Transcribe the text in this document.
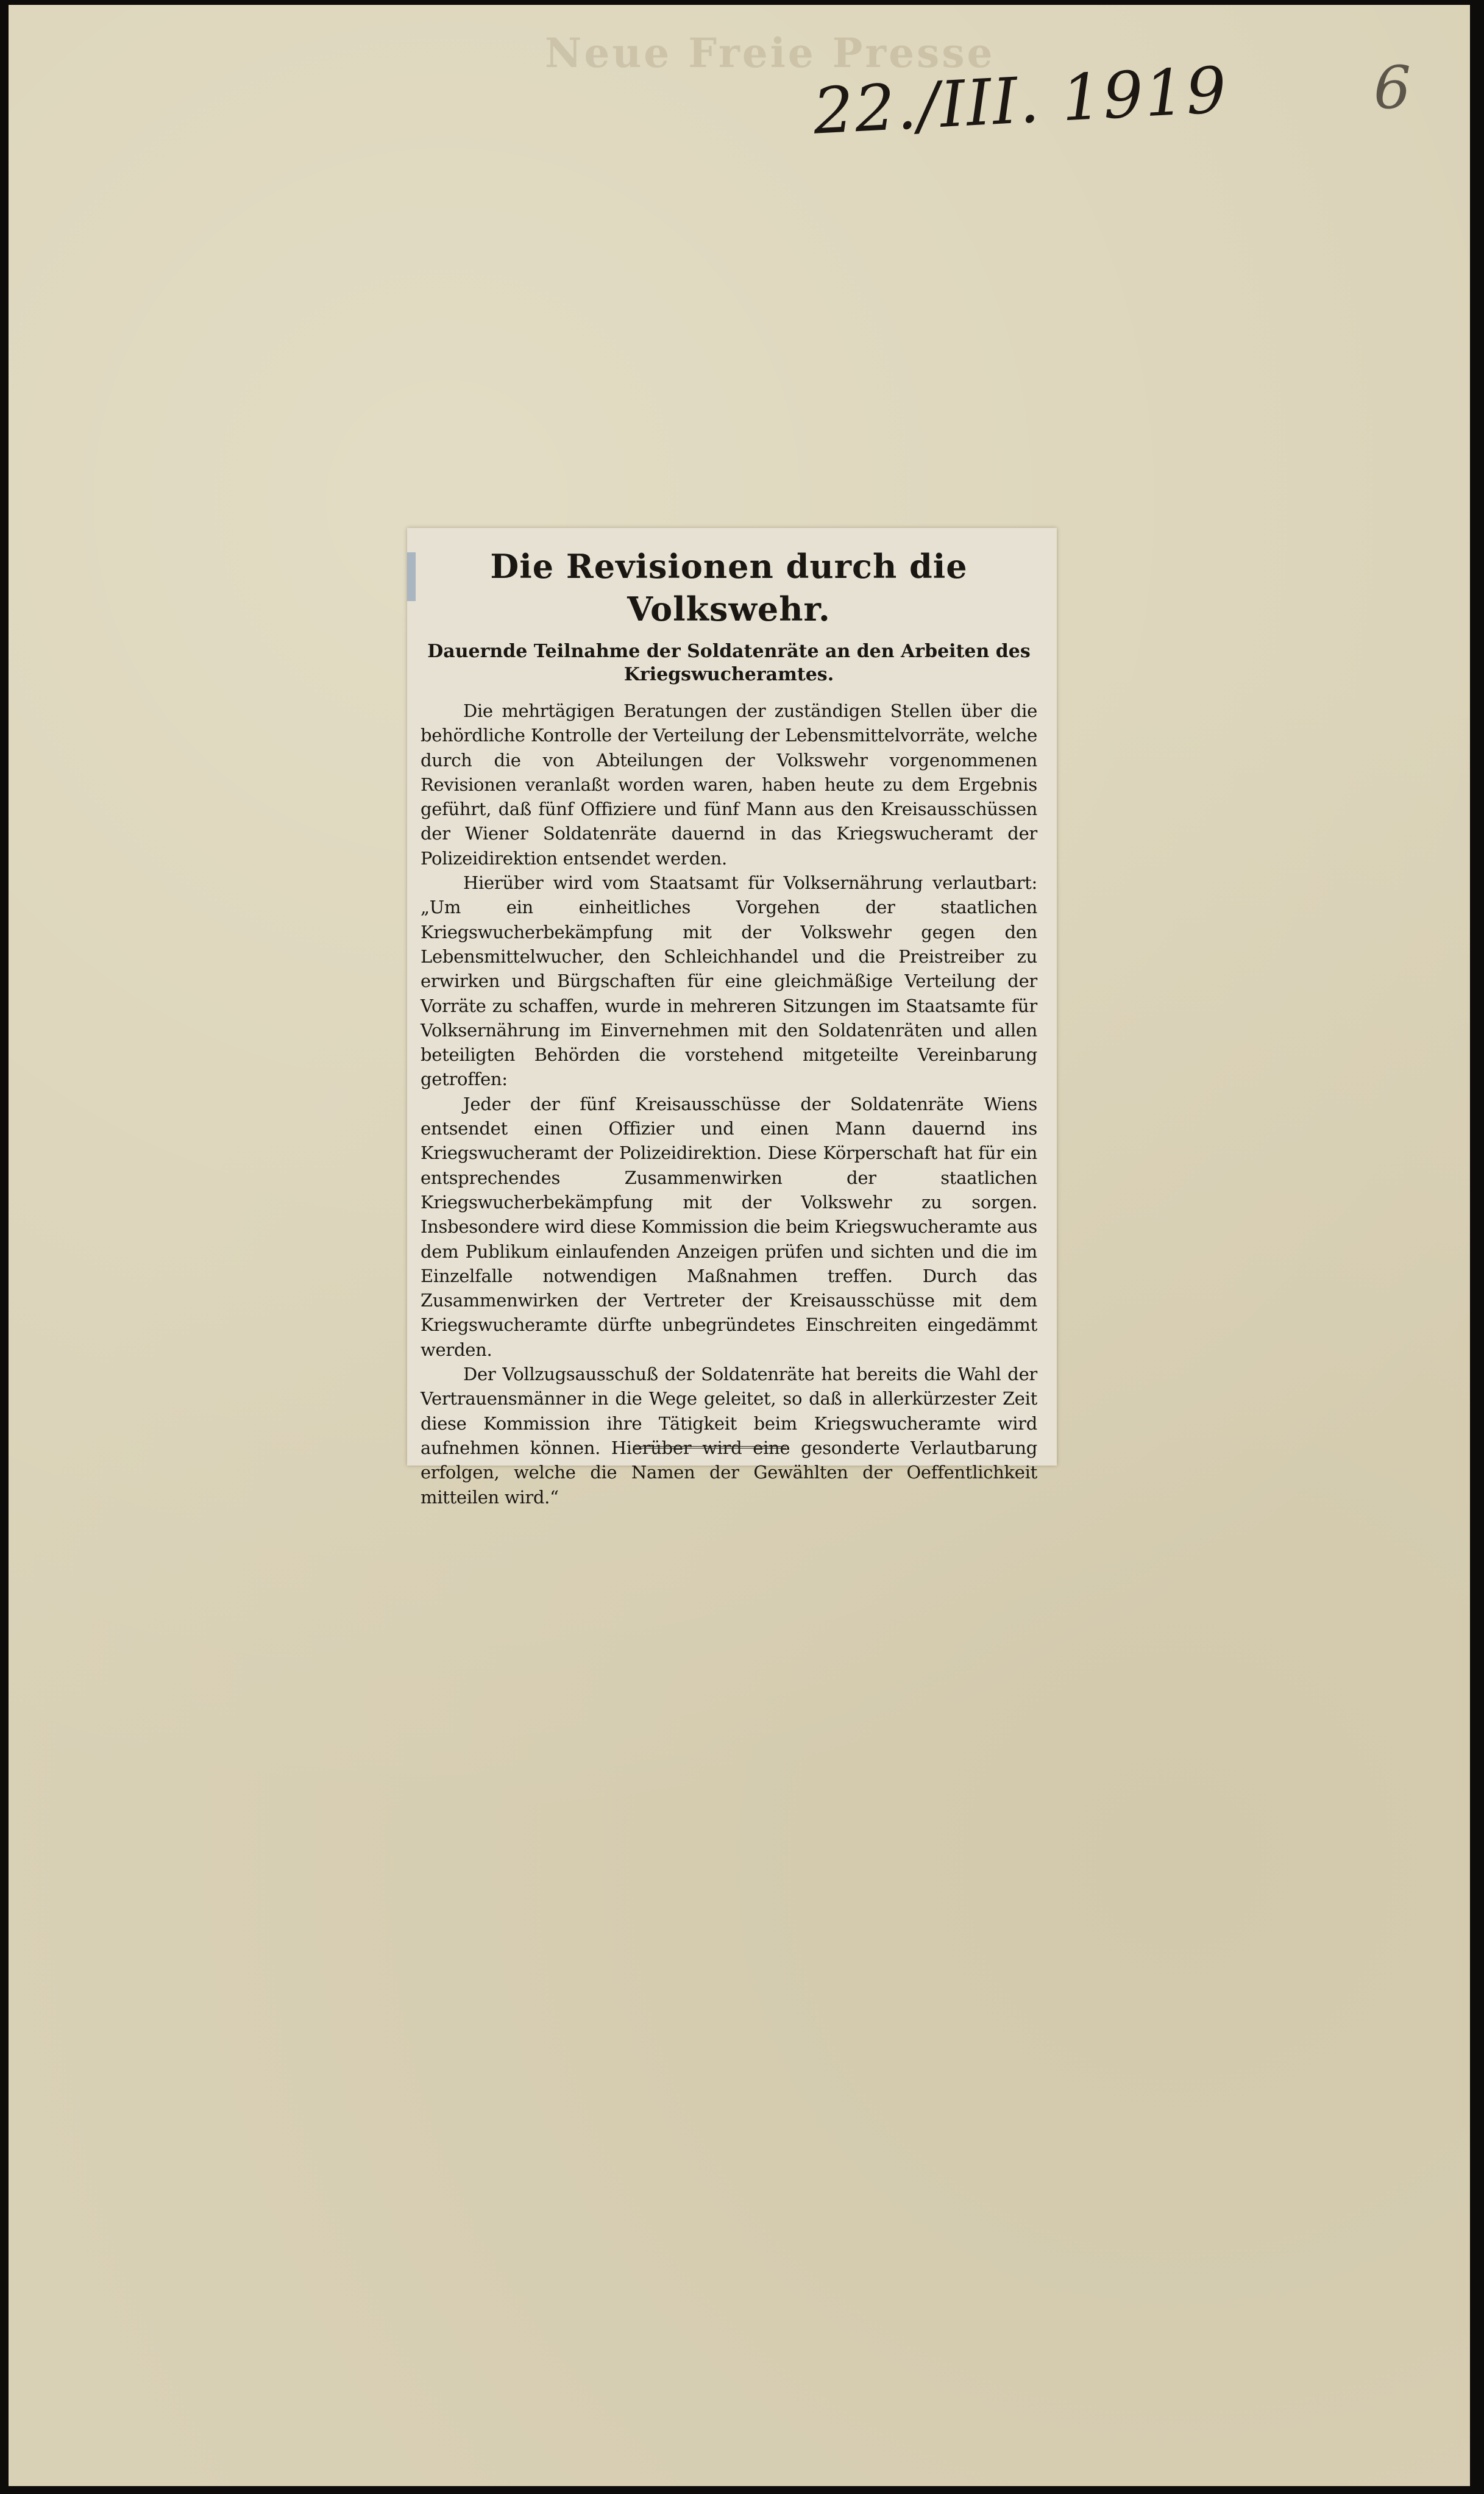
Neue Freie Presse
22./III. 1919 6
Die Revisionen durch die Volkswehr.
Dauernde Teilnahme der Soldatenräte an den Arbeiten des Kriegswucheramtes.

Die mehrtägigen Beratungen der zuständigen Stellen über die behördliche Kontrolle der Verteilung der Lebensmittelvorräte, welche durch die von Abteilungen der Volkswehr vorgenommenen Revisionen veranlaßt worden waren, haben heute zu dem Ergebnis geführt, daß fünf Offiziere und fünf Mann aus den Kreisausschüssen der Wiener Soldatenräte dauernd in das Kriegswucheramt der Polizeidirektion entsendet werden.

Hierüber wird vom Staatsamt für Volksernährung verlautbart: „Um ein einheitliches Vorgehen der staatlichen Kriegswucherbekämpfung mit der Volkswehr gegen den Lebensmittelwucher, den Schleichhandel und die Preistreiber zu erwirken und Bürgschaften für eine gleichmäßige Verteilung der Vorräte zu schaffen, wurde in mehreren Sitzungen im Staatsamte für Volksernährung im Einvernehmen mit den Soldatenräten und allen beteiligten Behörden die vorstehend mitgeteilte Vereinbarung getroffen:

Jeder der fünf Kreisausschüsse der Soldatenräte Wiens entsendet einen Offizier und einen Mann dauernd ins Kriegswucheramt der Polizeidirektion. Diese Körperschaft hat für ein entsprechendes Zusammenwirken der staatlichen Kriegswucherbekämpfung mit der Volkswehr zu sorgen. Insbesondere wird diese Kommission die beim Kriegswucheramte aus dem Publikum einlaufenden Anzeigen prüfen und sichten und die im Einzelfalle notwendigen Maßnahmen treffen. Durch das Zusammenwirken der Vertreter der Kreisausschüsse mit dem Kriegswucheramte dürfte unbegründetes Einschreiten eingedämmt werden.

Der Vollzugsausschuß der Soldatenräte hat bereits die Wahl der Vertrauensmänner in die Wege geleitet, so daß in allerkürzester Zeit diese Kommission ihre Tätigkeit beim Kriegswucheramte wird aufnehmen können. Hierüber wird eine gesonderte Verlautbarung erfolgen, welche die Namen der Gewählten der Oeffentlichkeit mitteilen wird.“
